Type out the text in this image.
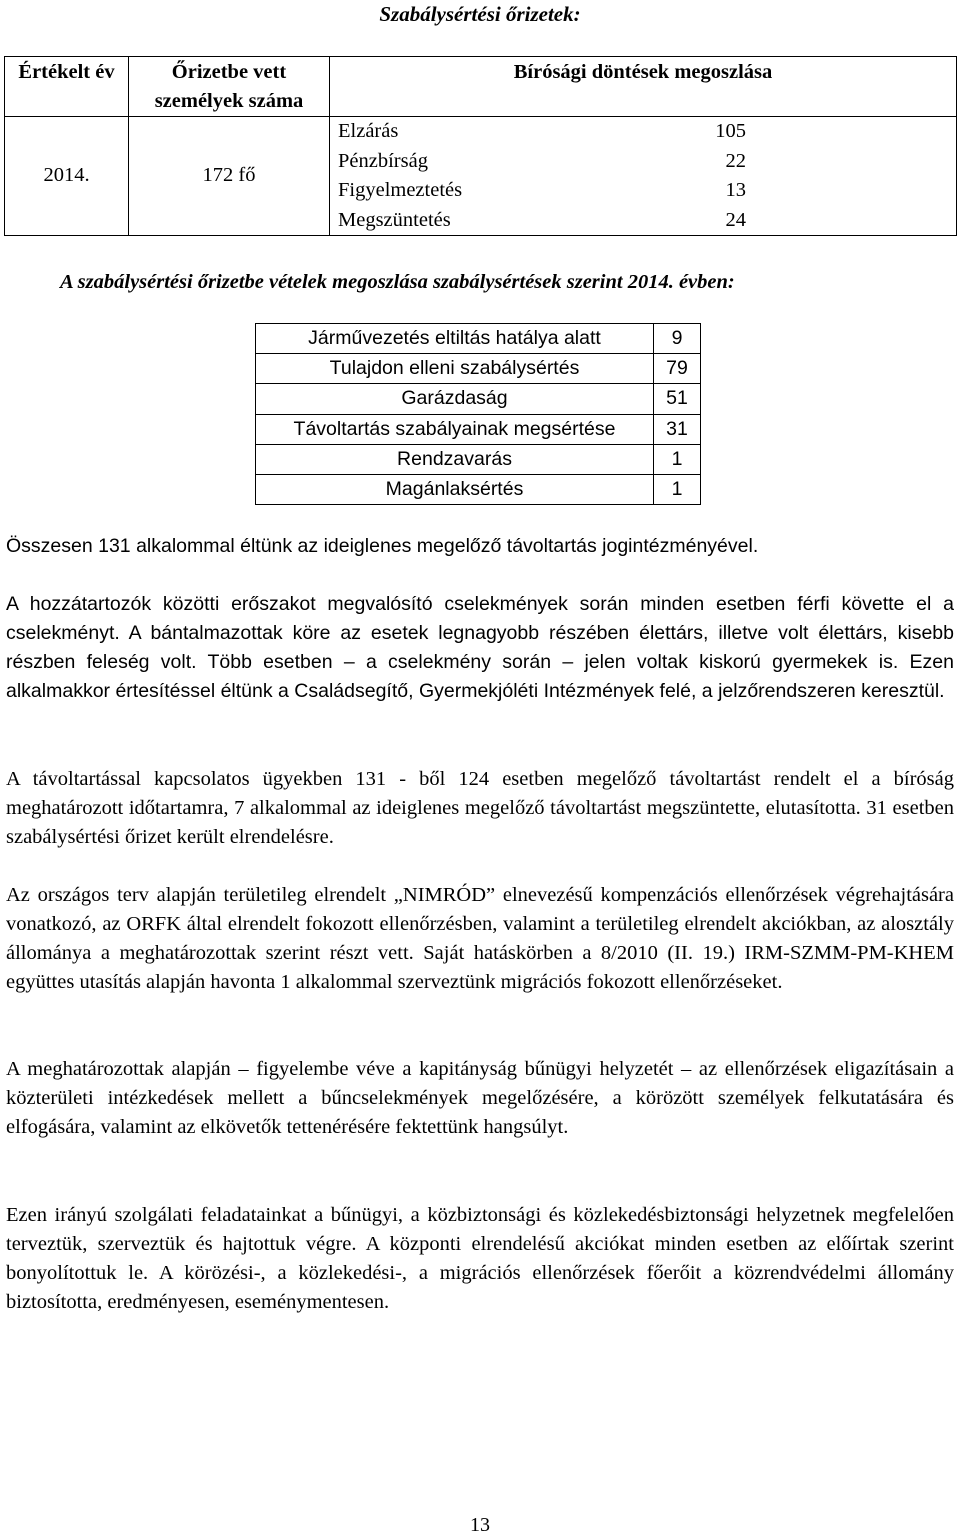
Szabálysértési őrizetek:
Értékelt év	Őrizetbe vett személyek száma	Bírósági döntések megoszlása	
2014.	172 fő	Elzárás	105
		Pénzbírság	22
		Figyelmeztetés	13
		Megszüntetés	24
A szabálysértési őrizetbe vételek megoszlása szabálysértések szerint 2014. évben:
Járművezetés eltiltás hatálya alatt	9
Tulajdon elleni szabálysértés	79
Garázdaság	51
Távoltartás szabályainak megsértése	31
Rendzavarás	1
Magánlaksértés	1

Összesen 131 alkalommal éltünk az ideiglenes megelőző távoltartás jogintézményével.

A hozzátartozók közötti erőszakot megvalósító cselekmények során minden esetben férfi követte el a cselekményt. A bántalmazottak köre az esetek legnagyobb részében élettárs, illetve volt élettárs, kisebb részben feleség volt. Több esetben – a cselekmény során – jelen voltak kiskorú gyermekek is. Ezen alkalmakkor értesítéssel éltünk a Családsegítő, Gyermekjóléti Intézmények felé, a jelzőrendszeren keresztül.

A távoltartással kapcsolatos ügyekben 131 - ből 124 esetben megelőző távoltartást rendelt el a bíróság meghatározott időtartamra, 7 alkalommal az ideiglenes megelőző távoltartást megszüntette, elutasította. 31 esetben szabálysértési őrizet került elrendelésre.

Az országos terv alapján területileg elrendelt „NIMRÓD” elnevezésű kompenzációs ellenőrzések végrehajtására vonatkozó, az ORFK által elrendelt fokozott ellenőrzésben, valamint a területileg elrendelt akciókban, az alosztály állománya a meghatározottak szerint részt vett. Saját hatáskörben a 8/2010 (II. 19.) IRM-SZMM-PM-KHEM együttes utasítás alapján havonta 1 alkalommal szerveztünk migrációs fokozott ellenőrzéseket.

A meghatározottak alapján – figyelembe véve a kapitányság bűnügyi helyzetét – az ellenőrzések eligazításain a közterületi intézkedések mellett a bűncselekmények megelőzésére, a körözött személyek felkutatására és elfogására, valamint az elkövetők tettenérésére fektettünk hangsúlyt.

Ezen irányú szolgálati feladatainkat a bűnügyi, a közbiztonsági és közlekedésbiztonsági helyzetnek megfelelően terveztük, szerveztük és hajtottuk végre. A központi elrendelésű akciókat minden esetben az előírtak szerint bonyolítottuk le. A körözési-, a közlekedési-, a migrációs ellenőrzések főerőit a közrendvédelmi állomány biztosította, eredményesen, eseménymentesen.

13
